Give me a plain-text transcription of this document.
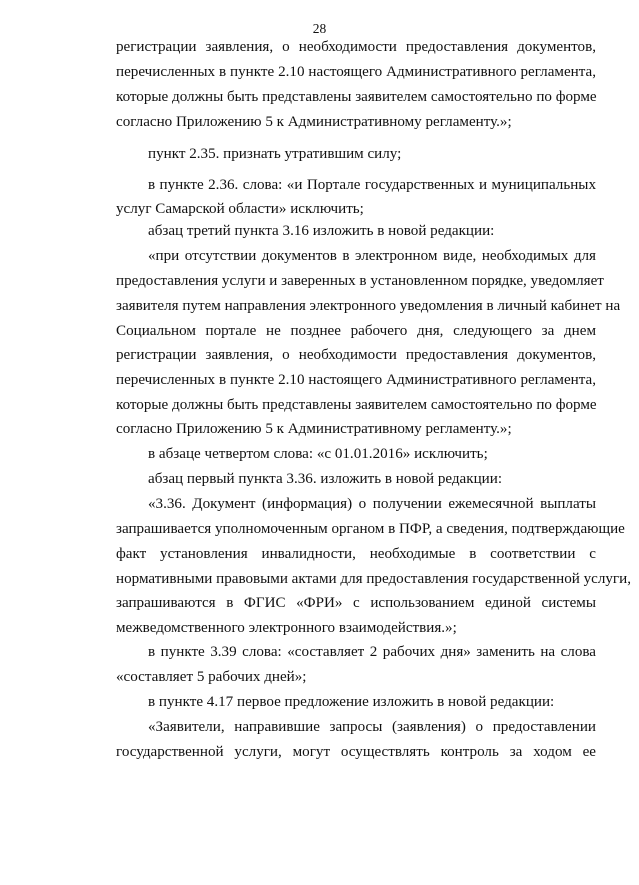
28
регистрации заявления, о необходимости предоставления документов,
перечисленных в пункте 2.10 настоящего Административного регламента,
которые должны быть представлены заявителем самостоятельно по форме
согласно Приложению 5 к Административному регламенту.»;
пункт 2.35. признать утратившим силу;
в пункте 2.36. слова: «и Портале государственных и муниципальных
услуг Самарской области» исключить;
абзац третий пункта 3.16 изложить в новой редакции:
«при отсутствии документов в электронном виде, необходимых для
предоставления услуги и заверенных в установленном порядке, уведомляет
заявителя путем направления электронного уведомления в личный кабинет на
Социальном портале не позднее рабочего дня, следующего за днем
регистрации заявления, о необходимости предоставления документов,
перечисленных в пункте 2.10 настоящего Административного регламента,
которые должны быть представлены заявителем самостоятельно по форме
согласно Приложению 5 к Административному регламенту.»;
в абзаце четвертом слова: «с 01.01.2016» исключить;
абзац первый пункта 3.36. изложить в новой редакции:
«3.36. Документ (информация) о получении ежемесячной выплаты
запрашивается уполномоченным органом в ПФР, а сведения, подтверждающие
факт установления инвалидности, необходимые в соответствии с
нормативными правовыми актами для предоставления государственной услуги,
запрашиваются в ФГИС «ФРИ» с использованием единой системы
межведомственного электронного взаимодействия.»;
в пункте 3.39 слова: «составляет 2 рабочих дня» заменить на слова
«составляет 5 рабочих дней»;
в пункте 4.17 первое предложение изложить в новой редакции:
«Заявители, направившие запросы (заявления) о предоставлении
государственной услуги, могут осуществлять контроль за ходом ее
